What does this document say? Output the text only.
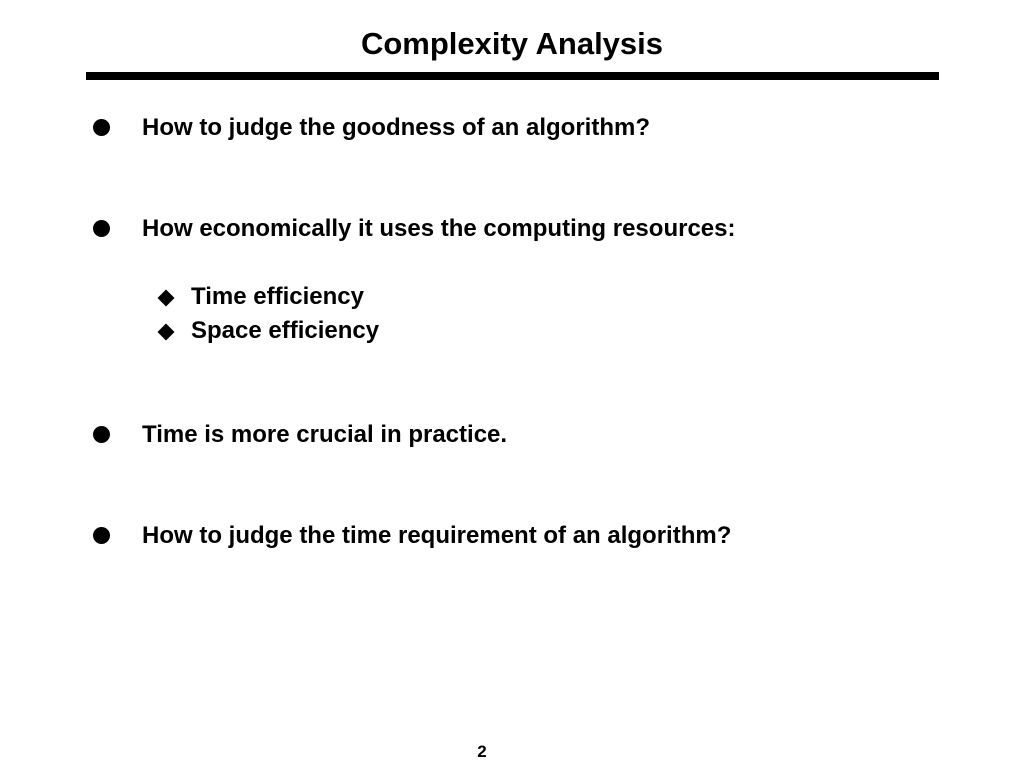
Complexity Analysis
How to judge the goodness of an algorithm?
How economically it uses the computing resources:
Time efficiency
Space efficiency
Time is more crucial in practice.
How to judge the time requirement of an algorithm?
2
